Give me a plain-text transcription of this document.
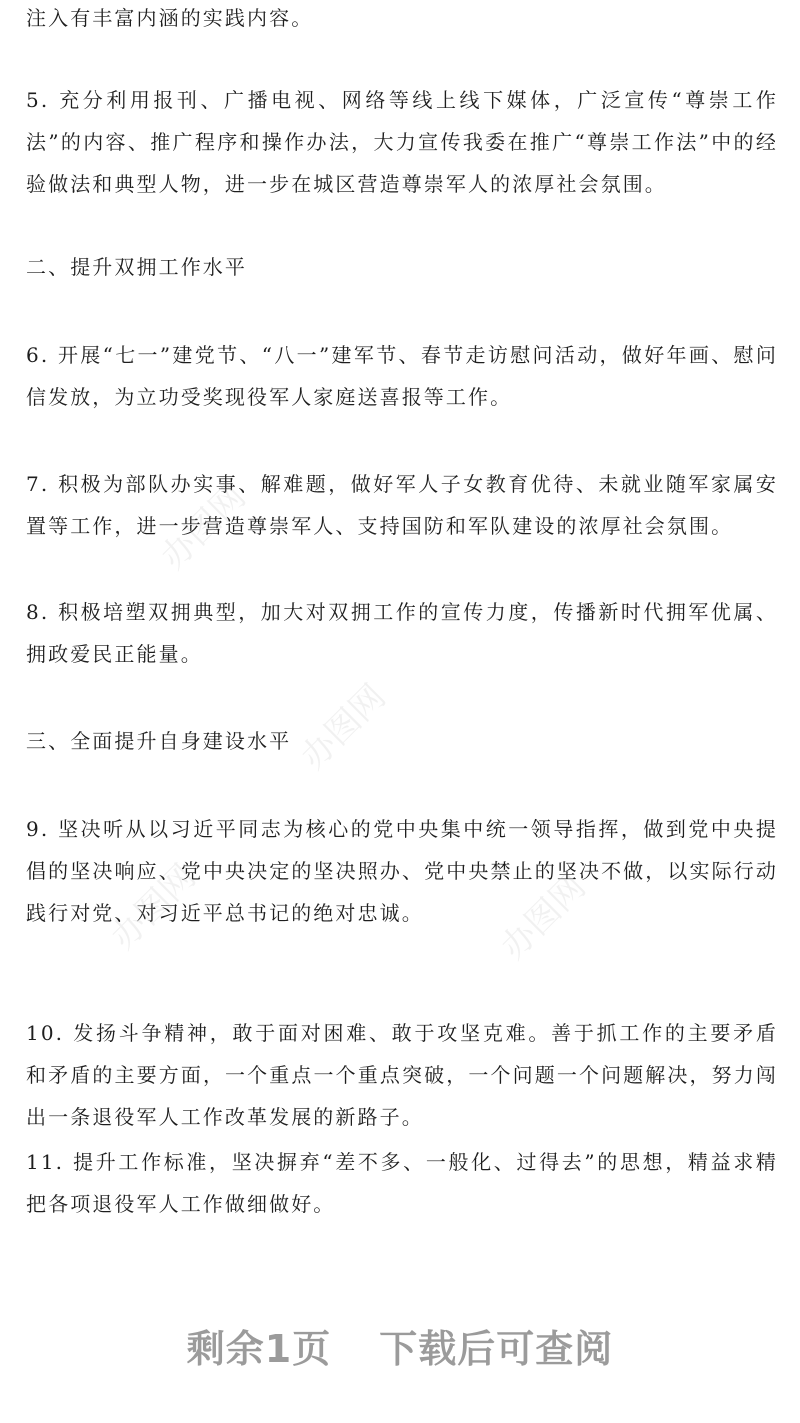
注入有丰富内涵的实践内容。

5. 充分利用报刊、广播电视、网络等线上线下媒体，广泛宣传“尊崇工作法”的内容、推广程序和操作办法，大力宣传我委在推广“尊崇工作法”中的经验做法和典型人物，进一步在城区营造尊崇军人的浓厚社会氛围。

二、提升双拥工作水平

6. 开展“七一”建党节、“八一”建军节、春节走访慰问活动，做好年画、慰问信发放，为立功受奖现役军人家庭送喜报等工作。

7. 积极为部队办实事、解难题，做好军人子女教育优待、未就业随军家属安置等工作，进一步营造尊崇军人、支持国防和军队建设的浓厚社会氛围。

8. 积极培塑双拥典型，加大对双拥工作的宣传力度，传播新时代拥军优属、拥政爱民正能量。

三、全面提升自身建设水平

9. 坚决听从以习近平同志为核心的党中央集中统一领导指挥，做到党中央提倡的坚决响应、党中央决定的坚决照办、党中央禁止的坚决不做，以实际行动践行对党、对习近平总书记的绝对忠诚。

10. 发扬斗争精神，敢于面对困难、敢于攻坚克难。善于抓工作的主要矛盾和矛盾的主要方面，一个重点一个重点突破，一个问题一个问题解决，努力闯出一条退役军人工作改革发展的新路子。

11. 提升工作标准，坚决摒弃“差不多、一般化、过得去”的思想，精益求精把各项退役军人工作做细做好。

办图网
办图网
办图网
办图网
剩余1页 下载后可查阅
